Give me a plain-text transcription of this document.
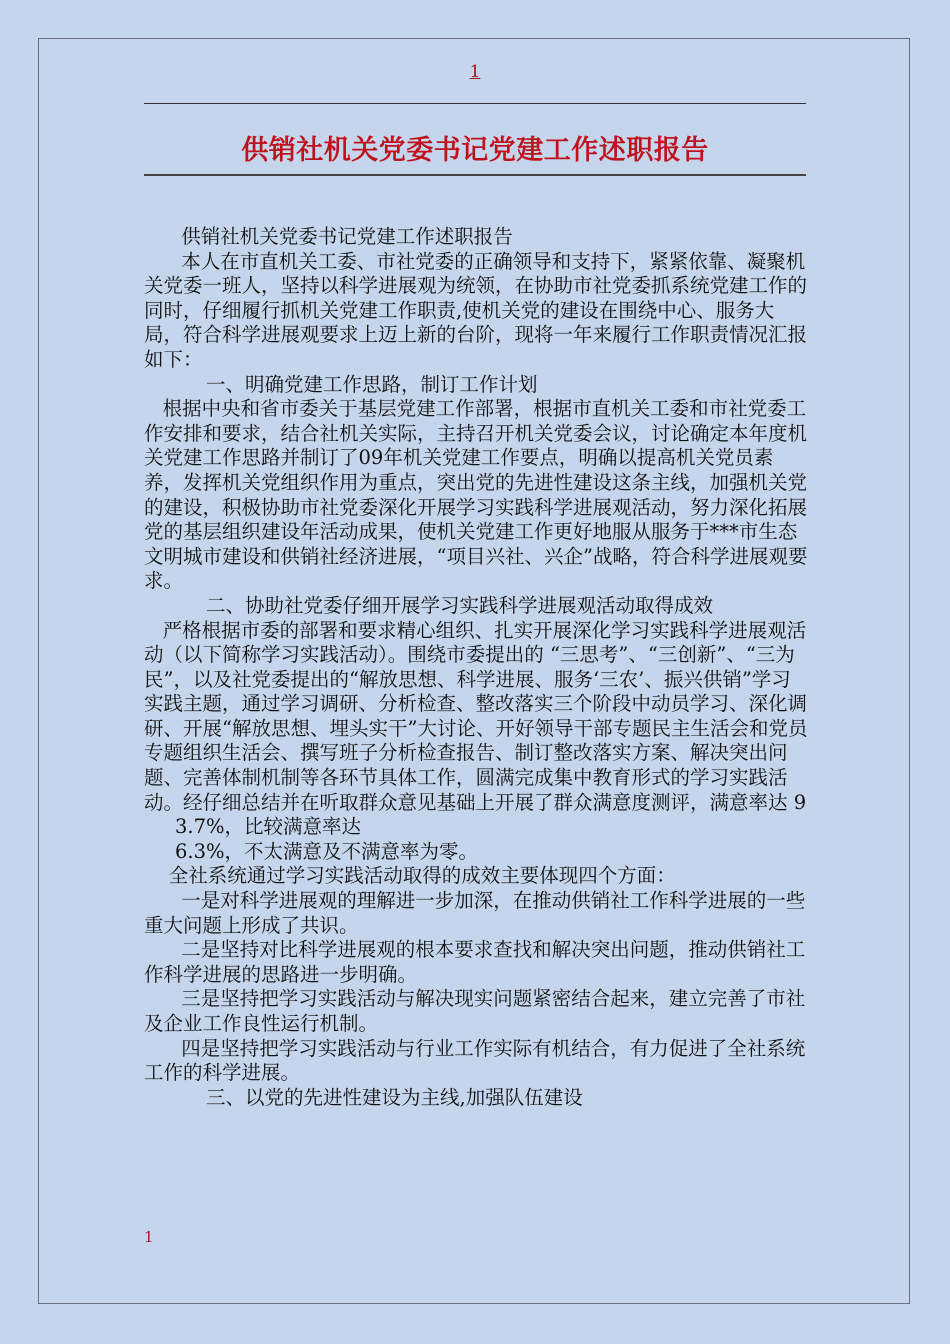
1
供销社机关党委书记党建工作述职报告

供销社机关党委书记党建工作述职报告

本人在市直机关工委、市社党委的正确领导和支持下，紧紧依靠、凝聚机关党委一班人，坚持以科学进展观为统领，在协助市社党委抓系统党建工作的同时，仔细履行抓机关党建工作职责,使机关党的建设在围绕中心、服务大局，符合科学进展观要求上迈上新的台阶，现将一年来履行工作职责情况汇报如下：

一、明确党建工作思路，制订工作计划

根据中央和省市委关于基层党建工作部署，根据市直机关工委和市社党委工作安排和要求，结合社机关实际，主持召开机关党委会议，讨论确定本年度机关党建工作思路并制订了09年机关党建工作要点，明确以提高机关党员素养，发挥机关党组织作用为重点，突出党的先进性建设这条主线，加强机关党的建设，积极协助市社党委深化开展学习实践科学进展观活动，努力深化拓展党的基层组织建设年活动成果，使机关党建工作更好地服从服务于***市生态文明城市建设和供销社经济进展，“项目兴社、兴企”战略，符合科学进展观要求。

二、协助社党委仔细开展学习实践科学进展观活动取得成效

严格根据市委的部署和要求精心组织、扎实开展深化学习实践科学进展观活动（以下简称学习实践活动）。围绕市委提出的 “三思考”、“三创新”、“三为民”，以及社党委提出的“解放思想、科学进展、服务‘三农’、振兴供销”学习实践主题，通过学习调研、分析检查、整改落实三个阶段中动员学习、深化调研、开展“解放思想、埋头实干”大讨论、开好领导干部专题民主生活会和党员专题组织生活会、撰写班子分析检查报告、制订整改落实方案、解决突出问题、完善体制机制等各环节具体工作，圆满完成集中教育形式的学习实践活动。经仔细总结并在听取群众意见基础上开展了群众满意度测评，满意率达 9

3.7%，比较满意率达

6.3%，不太满意及不满意率为零。

全社系统通过学习实践活动取得的成效主要体现四个方面：

一是对科学进展观的理解进一步加深，在推动供销社工作科学进展的一些重大问题上形成了共识。

二是坚持对比科学进展观的根本要求查找和解决突出问题，推动供销社工作科学进展的思路进一步明确。

三是坚持把学习实践活动与解决现实问题紧密结合起来，建立完善了市社及企业工作良性运行机制。

四是坚持把学习实践活动与行业工作实际有机结合，有力促进了全社系统工作的科学进展。

三、以党的先进性建设为主线,加强队伍建设

1
